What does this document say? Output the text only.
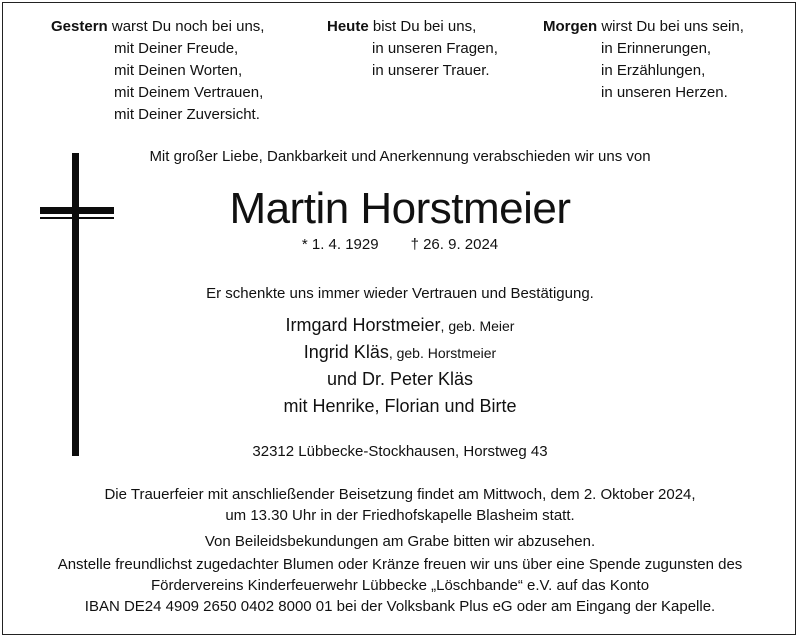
Gestern warst Du noch bei uns,
mit Deiner Freude,
mit Deinen Worten,
mit Deinem Vertrauen,
mit Deiner Zuversicht.
Heute bist Du bei uns,
in unseren Fragen,
in unserer Trauer.
Morgen wirst Du bei uns sein,
in Erinnerungen,
in Erzählungen,
in unseren Herzen.
Mit großer Liebe, Dankbarkeit und Anerkennung verabschieden wir uns von
Martin Horstmeier
* 1. 4. 1929 † 26. 9. 2024
Er schenkte uns immer wieder Vertrauen und Bestätigung.
Irmgard Horstmeier, geb. Meier
Ingrid Kläs, geb. Horstmeier
und Dr. Peter Kläs
mit Henrike, Florian und Birte
32312 Lübbecke-Stockhausen, Horstweg 43
Die Trauerfeier mit anschließender Beisetzung findet am Mittwoch, dem 2. Oktober 2024,
um 13.30 Uhr in der Friedhofskapelle Blasheim statt.
Von Beileidsbekundungen am Grabe bitten wir abzusehen.
Anstelle freundlichst zugedachter Blumen oder Kränze freuen wir uns über eine Spende zugunsten des
Fördervereins Kinderfeuerwehr Lübbecke „Löschbande“ e.V. auf das Konto
IBAN DE24 4909 2650 0402 8000 01 bei der Volksbank Plus eG oder am Eingang der Kapelle.
